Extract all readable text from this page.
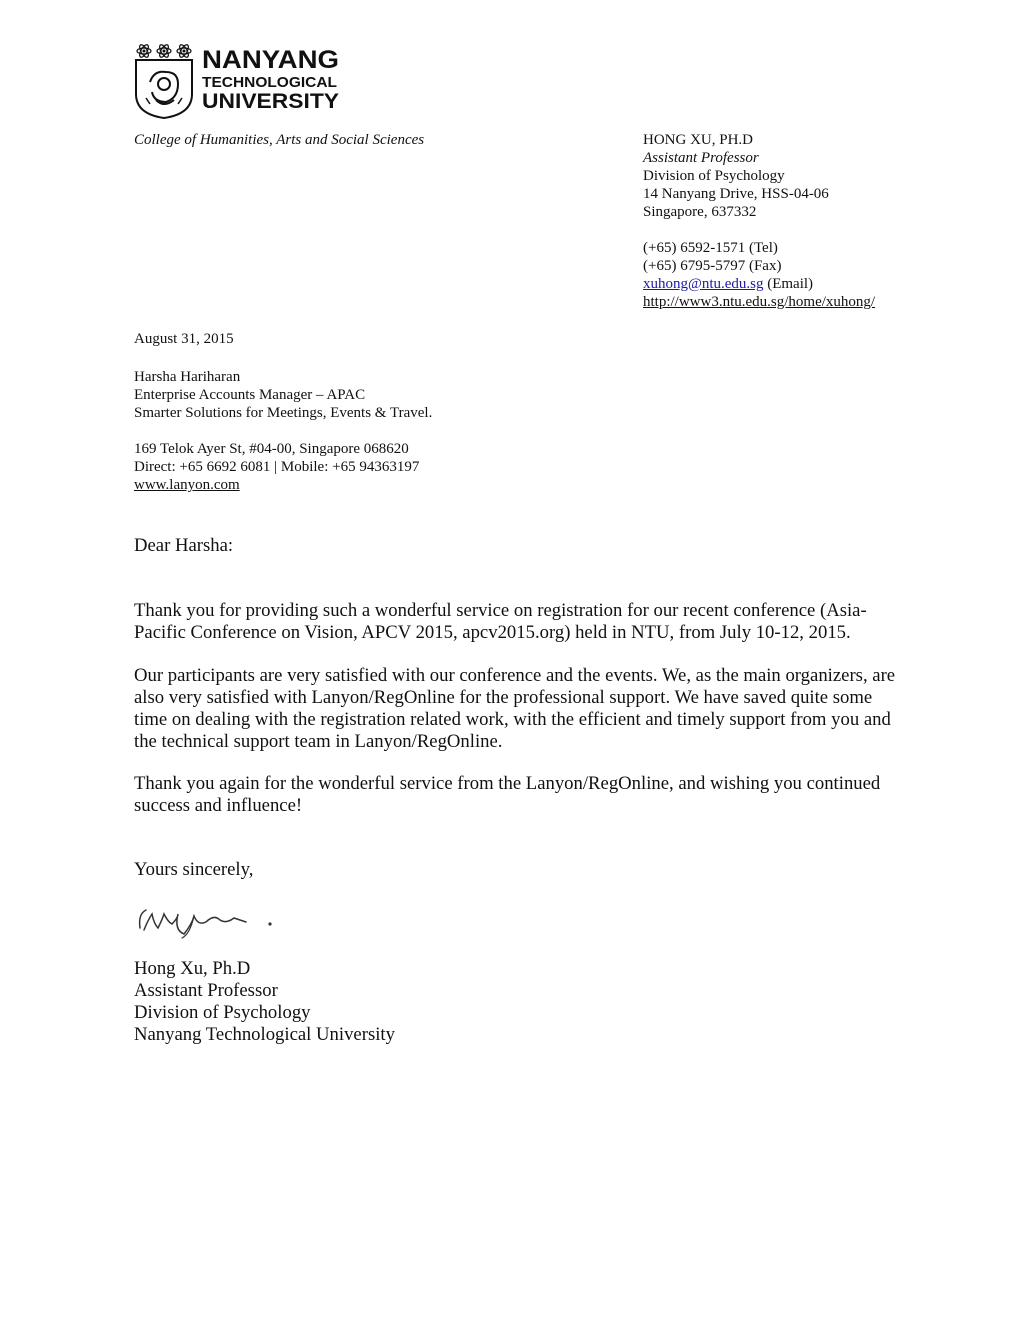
NANYANG
TECHNOLOGICAL
UNIVERSITY
College of Humanities, Arts and Social Sciences	HONG XU, PH.D
Assistant Professor
Division of Psychology
14 Nanyang Drive, HSS-04-06
Singapore, 637332
(+65) 6592-1571 (Tel)
(+65) 6795-5797 (Fax)
xuhong@ntu.edu.sg (Email)
http://www3.ntu.edu.sg/home/xuhong/
August 31, 2015
Harsha Hariharan
Enterprise Accounts Manager – APAC
Smarter Solutions for Meetings, Events & Travel.
169 Telok Ayer St, #04-00, Singapore 068620
Direct: +65 6692 6081 | Mobile: +65 94363197
www.lanyon.com
Dear Harsha:
Thank you for providing such a wonderful service on registration for our recent conference (Asia-
Pacific Conference on Vision, APCV 2015, apcv2015.org) held in NTU, from July 10-12, 2015.
Our participants are very satisfied with our conference and the events. We, as the main organizers, are
also very satisfied with Lanyon/RegOnline for the professional support. We have saved quite some
time on dealing with the registration related work, with the efficient and timely support from you and
the technical support team in Lanyon/RegOnline.
Thank you again for the wonderful service from the Lanyon/RegOnline, and wishing you continued
success and influence!
Yours sincerely,
Hong Xu, Ph.D
Assistant Professor
Division of Psychology
Nanyang Technological University
